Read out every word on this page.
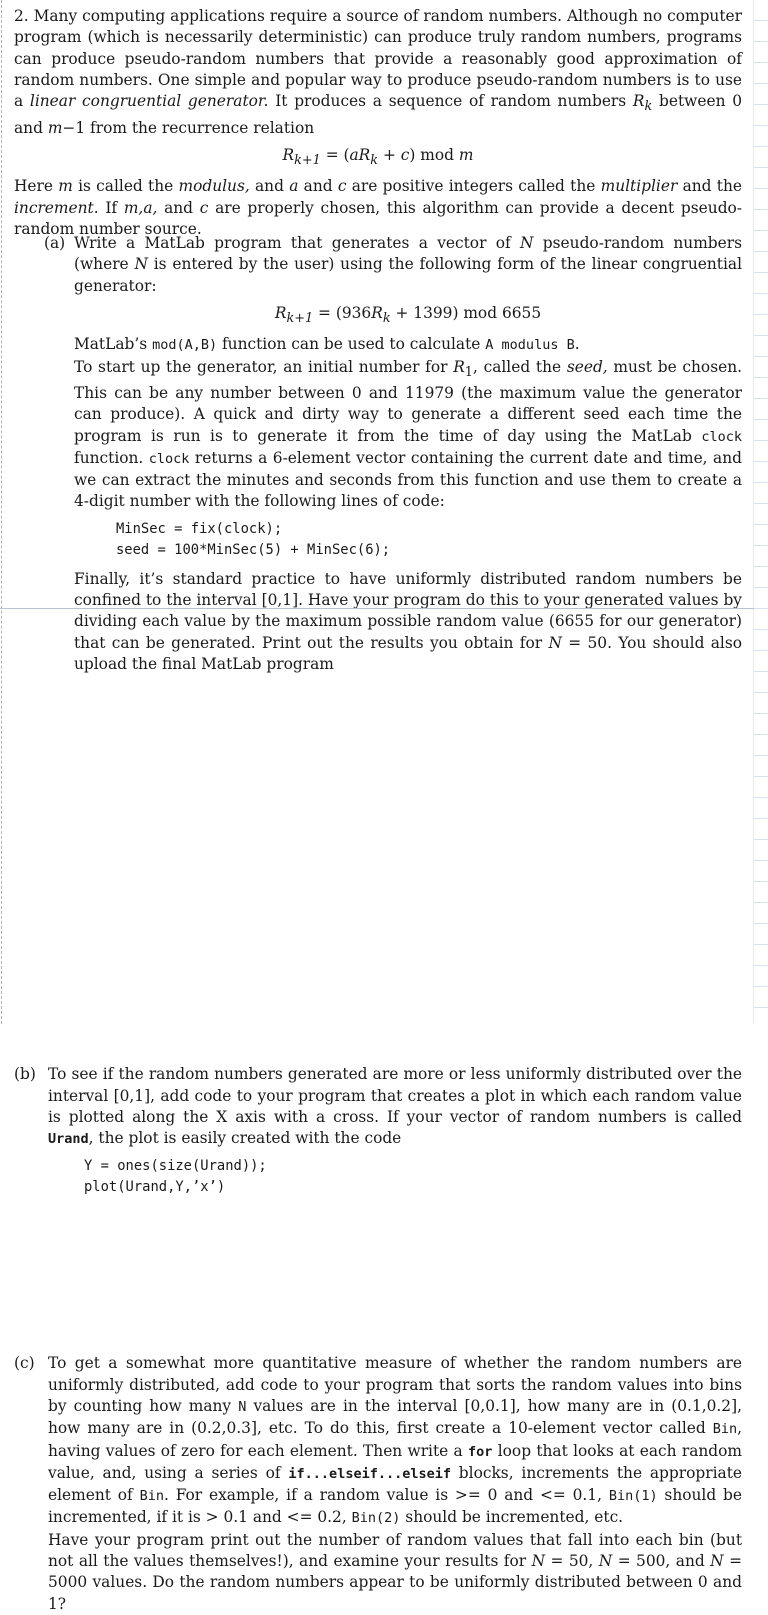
2. Many computing applications require a source of random numbers. Although no computer program (which is necessarily deterministic) can produce truly random numbers, programs can produce pseudo-random numbers that provide a reasonably good approximation of random numbers. One simple and popular way to produce pseudo-random numbers is to use a linear congruential generator. It produces a sequence of random numbers $R_k$ between 0 and m−1 from the recurrence relation

$R_{k+1} = (aR_k + c)$ mod m

Here m is called the modulus, and a and c are positive integers called the multiplier and the increment. If m,a, and c are properly chosen, this algorithm can provide a decent pseudo-random number source.

(a) Write a MatLab program that generates a vector of N pseudo-random numbers (where N is entered by the user) using the following form of the linear congruential generator:

$R_{k+1} = (936R_k + 1399)$ mod 6655

MatLab’s mod(A,B) function can be used to calculate A modulus B.

To start up the generator, an initial number for $R_1$, called the seed, must be chosen. This can be any number between 0 and 11979 (the maximum value the generator can produce). A quick and dirty way to generate a different seed each time the program is run is to generate it from the time of day using the MatLab clock function. clock returns a 6-element vector containing the current date and time, and we can extract the minutes and seconds from this function and use them to create a 4-digit number with the following lines of code:

MinSec = fix(clock);
seed = 100*MinSec(5) + MinSec(6);

Finally, it’s standard practice to have uniformly distributed random numbers be confined to the interval [0,1]. Have your program do this to your generated values by dividing each value by the maximum possible random value (6655 for our generator) that can be generated. Print out the results you obtain for N = 50. You should also upload the final MatLab program

(b) To see if the random numbers generated are more or less uniformly distributed over the interval [0,1], add code to your program that creates a plot in which each random value is plotted along the X axis with a cross. If your vector of random numbers is called Urand, the plot is easily created with the code

Y = ones(size(Urand));
plot(Urand,Y,’x’)
(c) To get a somewhat more quantitative measure of whether the random numbers are uniformly distributed, add code to your program that sorts the random values into bins by counting how many N values are in the interval [0,0.1], how many are in (0.1,0.2], how many are in (0.2,0.3], etc. To do this, first create a 10-element vector called Bin, having values of zero for each element. Then write a for loop that looks at each random value, and, using a series of if...elseif...elseif blocks, increments the appropriate element of Bin. For example, if a random value is >= 0 and <= 0.1, Bin(1) should be incremented, if it is > 0.1 and <= 0.2, Bin(2) should be incremented, etc.

Have your program print out the number of random values that fall into each bin (but not all the values themselves!), and examine your results for N = 50, N = 500, and N = 5000 values. Do the random numbers appear to be uniformly distributed between 0 and 1?
